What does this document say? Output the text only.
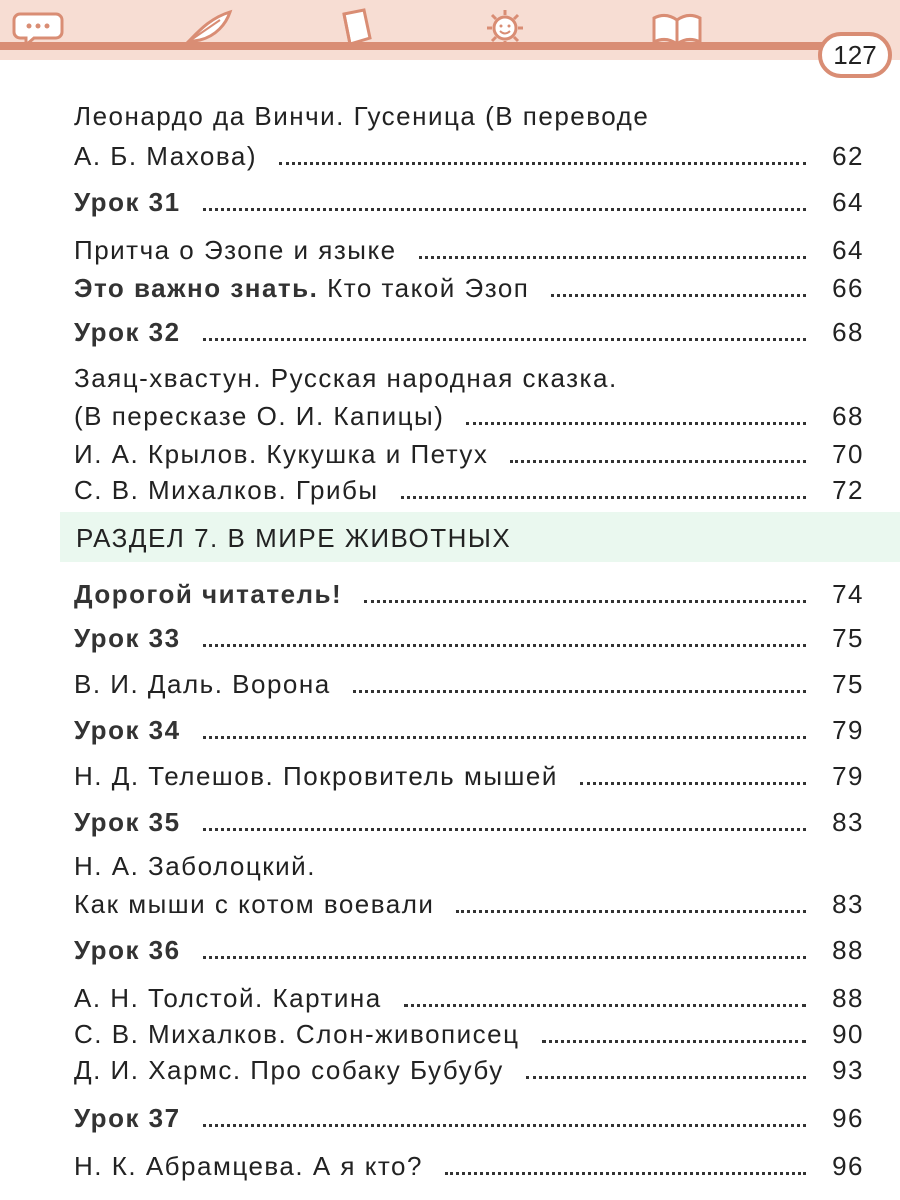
127
Леонардо да Винчи. Гусеница (В переводе
А. Б. Махова)	62
Урок 31	64
Притча о Эзопе и языке	64
Это важно знать. Кто такой Эзоп	66
Урок 32	68
Заяц-хвастун. Русская народная сказка.
(В пересказе О. И. Капицы)	68
И. А. Крылов. Кукушка и Петух	70
С. В. Михалков. Грибы	72
РАЗДЕЛ 7. В МИРЕ ЖИВОТНЫХ
Дорогой читатель!	74
Урок 33	75
В. И. Даль. Ворона	75
Урок 34	79
Н. Д. Телешов. Покровитель мышей	79
Урок 35	83
Н. А. Заболоцкий.
Как мыши с котом воевали	83
Урок 36	88
А. Н. Толстой. Картина	88
С. В. Михалков. Слон-живописец	90
Д. И. Хармс. Про собаку Бубубу	93
Урок 37	96
Н. К. Абрамцева. А я кто?	96
